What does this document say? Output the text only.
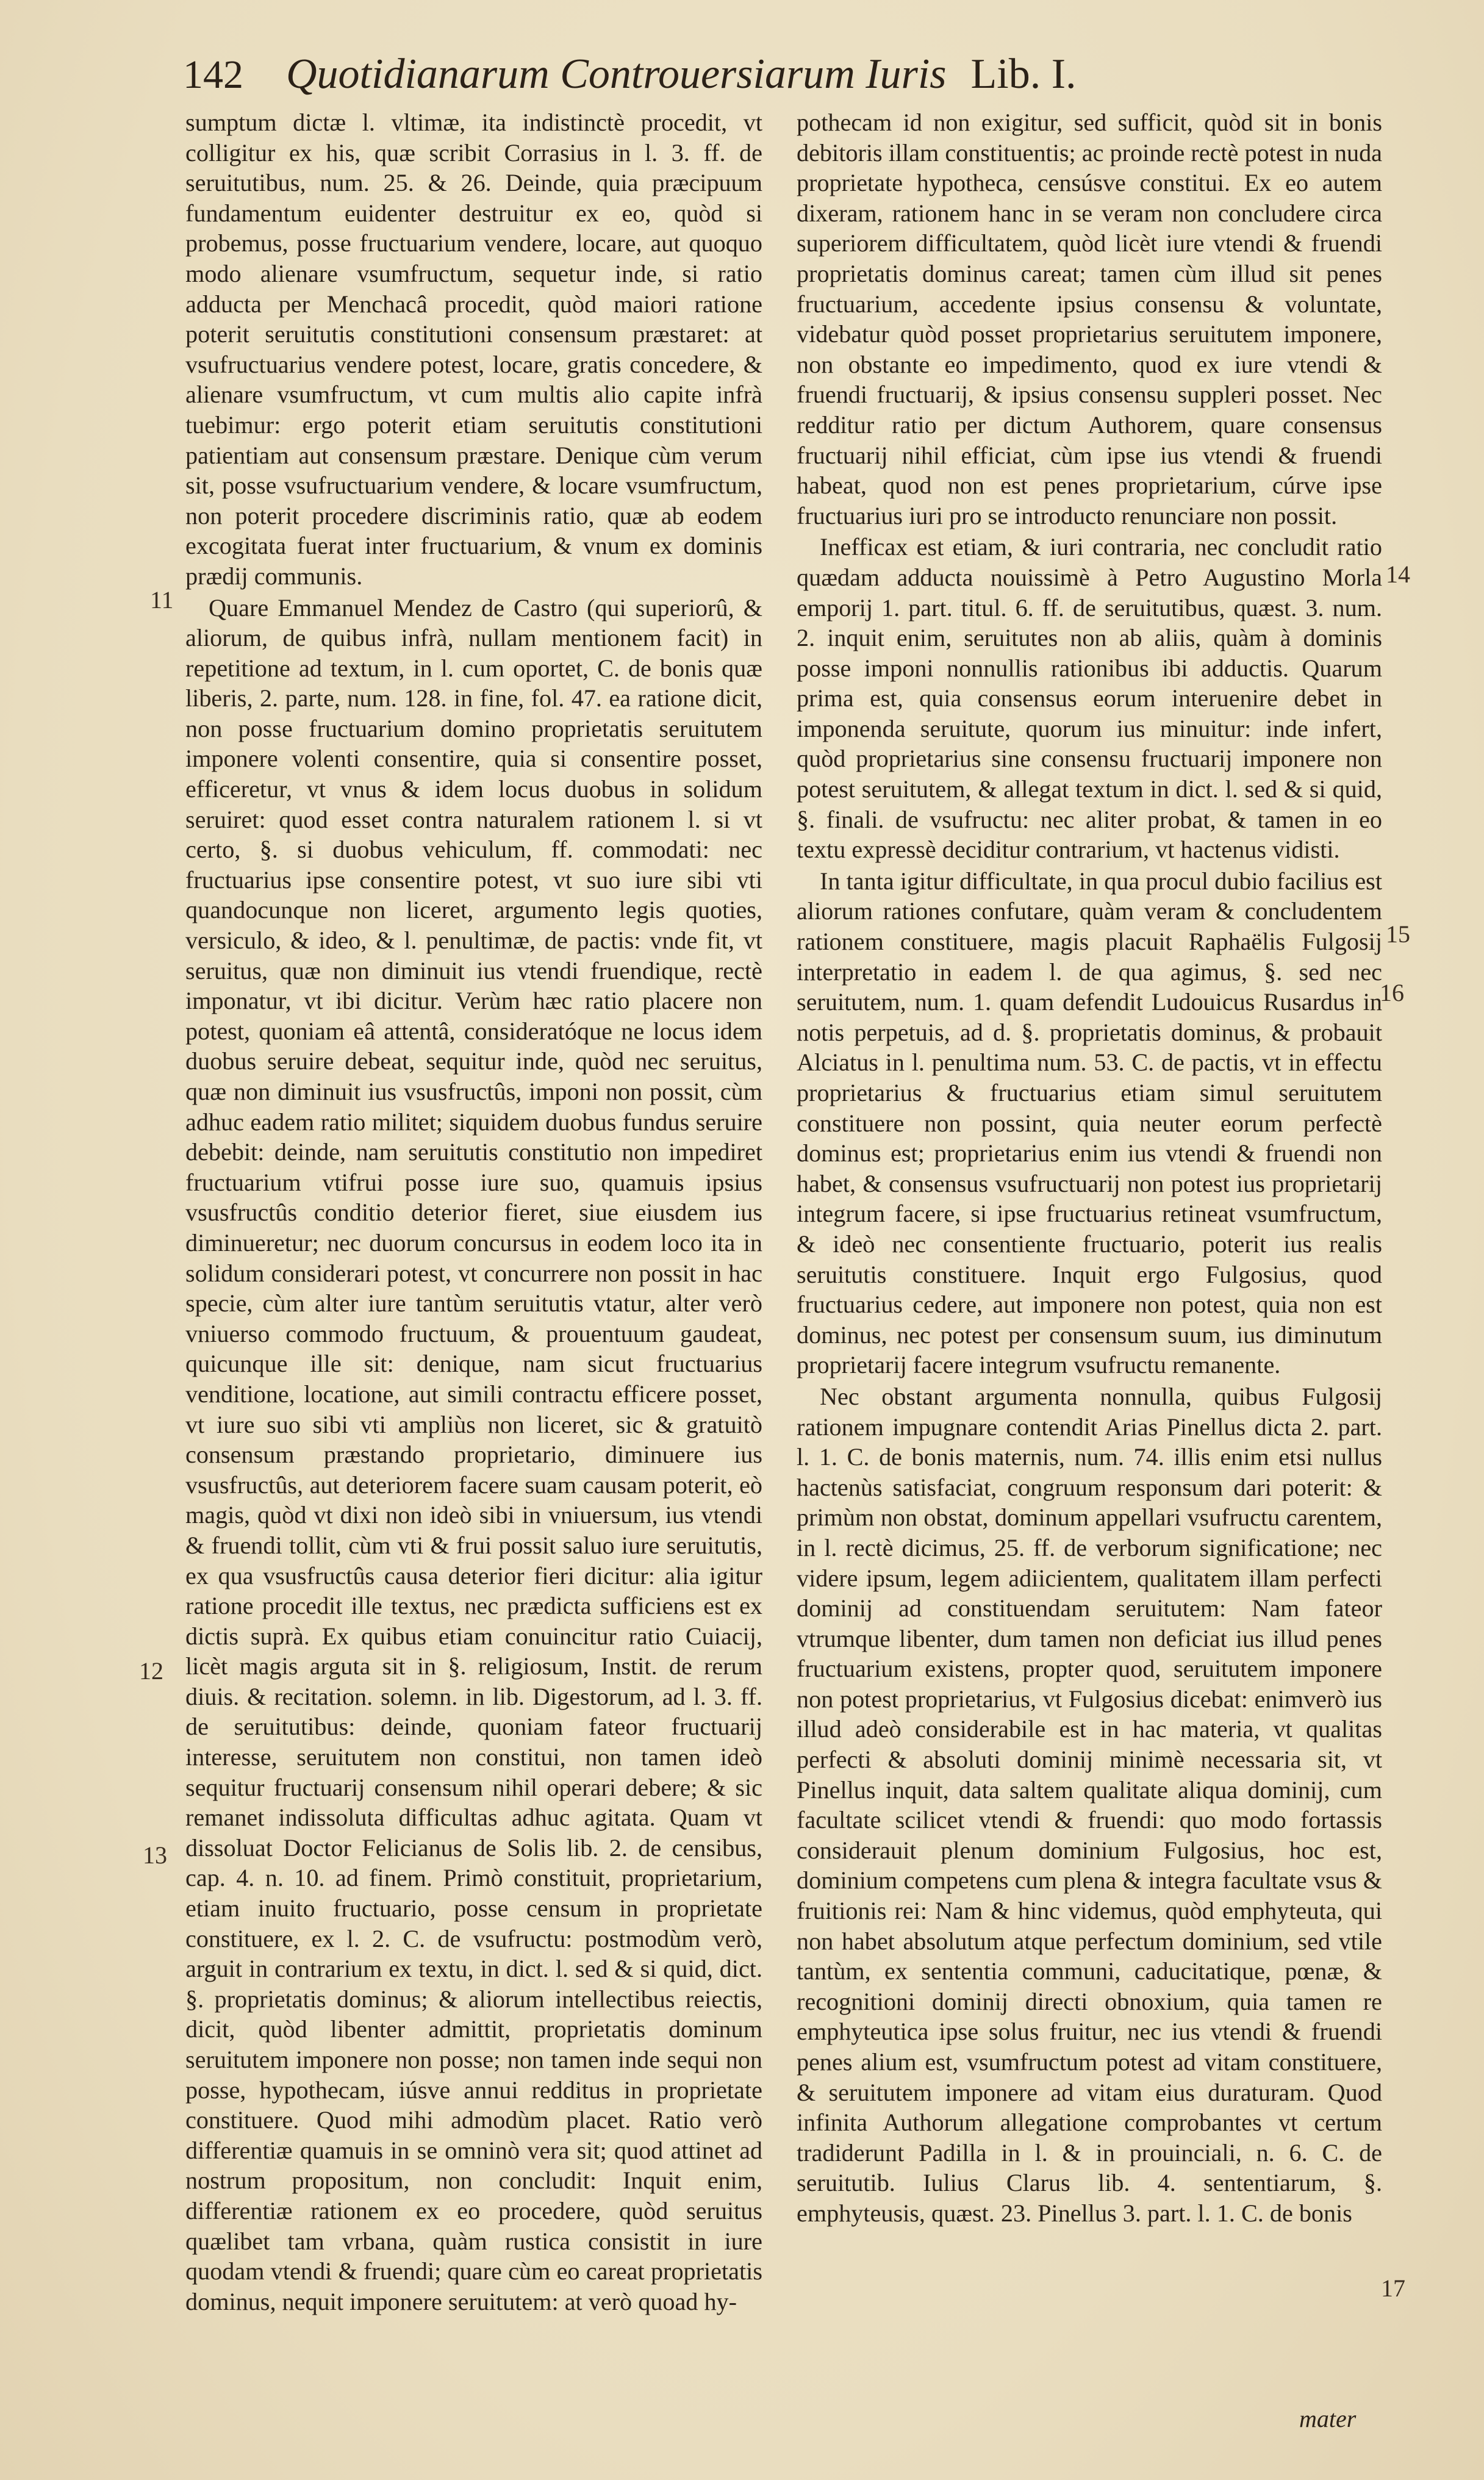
142 Quotidianarum Controuersiarum Iuris Lib. I.

sumptum dictæ l. vltimæ, ita indistinctè procedit, vt colligitur ex his, quæ scribit Corrasius in l. 3. ff. de seruitutibus, num. 25. & 26. Deinde, quia præcipuum fundamentum euidenter destruitur ex eo, quòd si probemus, posse fructuarium vendere, locare, aut quoquo modo alienare vsumfructum, sequetur inde, si ratio adducta per Menchacâ procedit, quòd maiori ratione poterit seruitutis constitutioni consensum præstaret: at vsufructuarius vendere potest, locare, gratis concedere, & alienare vsumfructum, vt cum multis alio capite infrà tuebimur: ergo poterit etiam seruitutis constitutioni patientiam aut consensum præstare. Denique cùm verum sit, posse vsufructuarium vendere, & locare vsumfructum, non poterit procedere discriminis ratio, quæ ab eodem excogitata fuerat inter fructuarium, & vnum ex dominis prædij communis.

Quare Emmanuel Mendez de Castro (qui superiorû, & aliorum, de quibus infrà, nullam mentionem facit) in repetitione ad textum, in l. cum oportet, C. de bonis quæ liberis, 2. parte, num. 128. in fine, fol. 47. ea ratione dicit, non posse fructuarium domino proprietatis seruitutem imponere volenti consentire, quia si consentire posset, efficeretur, vt vnus & idem locus duobus in solidum seruiret: quod esset contra naturalem rationem l. si vt certo, §. si duobus vehiculum, ff. commodati: nec fructuarius ipse consentire potest, vt suo iure sibi vti quandocunque non liceret, argumento legis quoties, versiculo, & ideo, & l. penultimæ, de pactis: vnde fit, vt seruitus, quæ non diminuit ius vtendi fruendique, rectè imponatur, vt ibi dicitur. Verùm hæc ratio placere non potest, quoniam eâ attentâ, consideratóque ne locus idem duobus seruire debeat, sequitur inde, quòd nec seruitus, quæ non diminuit ius vsusfructûs, imponi non possit, cùm adhuc eadem ratio militet; siquidem duobus fundus seruire debebit: deinde, nam seruitutis constitutio non impediret fructuarium vtifrui posse iure suo, quamuis ipsius vsusfructûs conditio deterior fieret, siue eiusdem ius diminueretur; nec duorum concursus in eodem loco ita in solidum considerari potest, vt concurrere non possit in hac specie, cùm alter iure tantùm seruitutis vtatur, alter verò vniuerso commodo fructuum, & prouentuum gaudeat, quicunque ille sit: denique, nam sicut fructuarius venditione, locatione, aut simili contractu efficere posset, vt iure suo sibi vti ampliùs non liceret, sic & gratuitò consensum præstando proprietario, diminuere ius vsusfructûs, aut deteriorem facere suam causam poterit, eò magis, quòd vt dixi non ideò sibi in vniuersum, ius vtendi & fruendi tollit, cùm vti & frui possit saluo iure seruitutis, ex qua vsusfructûs causa deterior fieri dicitur: alia igitur ratione procedit ille textus, nec prædicta sufficiens est ex dictis suprà. Ex quibus etiam conuincitur ratio Cuiacij, licèt magis arguta sit in §. religiosum, Instit. de rerum diuis. & recitation. solemn. in lib. Digestorum, ad l. 3. ff. de seruitutibus: deinde, quoniam fateor fructuarij interesse, seruitutem non constitui, non tamen ideò sequitur fructuarij consensum nihil operari debere; & sic remanet indissoluta difficultas adhuc agitata. Quam vt dissoluat Doctor Felicianus de Solis lib. 2. de censibus, cap. 4. n. 10. ad finem. Primò constituit, proprietarium, etiam inuito fructuario, posse censum in proprietate constituere, ex l. 2. C. de vsufructu: postmodùm verò, arguit in contrarium ex textu, in dict. l. sed & si quid, dict. §. proprietatis dominus; & aliorum intellectibus reiectis, dicit, quòd libenter admittit, proprietatis dominum seruitutem imponere non posse; non tamen inde sequi non posse, hypothecam, iúsve annui redditus in proprietate constituere. Quod mihi admodùm placet. Ratio verò differentiæ quamuis in se omninò vera sit; quod attinet ad nostrum propositum, non concludit: Inquit enim, differentiæ rationem ex eo procedere, quòd seruitus quælibet tam vrbana, quàm rustica consistit in iure quodam vtendi & fruendi; quare cùm eo careat proprietatis dominus, nequit imponere seruitutem: at verò quoad hy-

pothecam id non exigitur, sed sufficit, quòd sit in bonis debitoris illam constituentis; ac proinde rectè potest in nuda proprietate hypotheca, censúsve constitui. Ex eo autem dixeram, rationem hanc in se veram non concludere circa superiorem difficultatem, quòd licèt iure vtendi & fruendi proprietatis dominus careat; tamen cùm illud sit penes fructuarium, accedente ipsius consensu & voluntate, videbatur quòd posset proprietarius seruitutem imponere, non obstante eo impedimento, quod ex iure vtendi & fruendi fructuarij, & ipsius consensu suppleri posset. Nec redditur ratio per dictum Authorem, quare consensus fructuarij nihil efficiat, cùm ipse ius vtendi & fruendi habeat, quod non est penes proprietarium, cúrve ipse fructuarius iuri pro se introducto renunciare non possit.

Inefficax est etiam, & iuri contraria, nec concludit ratio quædam adducta nouissimè à Petro Augustino Morla emporij 1. part. titul. 6. ff. de seruitutibus, quæst. 3. num. 2. inquit enim, seruitutes non ab aliis, quàm à dominis posse imponi nonnullis rationibus ibi adductis. Quarum prima est, quia consensus eorum interuenire debet in imponenda seruitute, quorum ius minuitur: inde infert, quòd proprietarius sine consensu fructuarij imponere non potest seruitutem, & allegat textum in dict. l. sed & si quid, §. finali. de vsufructu: nec aliter probat, & tamen in eo textu expressè deciditur contrarium, vt hactenus vidisti.

In tanta igitur difficultate, in qua procul dubio facilius est aliorum rationes confutare, quàm veram & concludentem rationem constituere, magis placuit Raphaëlis Fulgosij interpretatio in eadem l. de qua agimus, §. sed nec seruitutem, num. 1. quam defendit Ludouicus Rusardus in notis perpetuis, ad d. §. proprietatis dominus, & probauit Alciatus in l. penultima num. 53. C. de pactis, vt in effectu proprietarius & fructuarius etiam simul seruitutem constituere non possint, quia neuter eorum perfectè dominus est; proprietarius enim ius vtendi & fruendi non habet, & consensus vsufructuarij non potest ius proprietarij integrum facere, si ipse fructuarius retineat vsumfructum, & ideò nec consentiente fructuario, poterit ius realis seruitutis constituere. Inquit ergo Fulgosius, quod fructuarius cedere, aut imponere non potest, quia non est dominus, nec potest per consensum suum, ius diminutum proprietarij facere integrum vsufructu remanente.

Nec obstant argumenta nonnulla, quibus Fulgosij rationem impugnare contendit Arias Pinellus dicta 2. part. l. 1. C. de bonis maternis, num. 74. illis enim etsi nullus hactenùs satisfaciat, congruum responsum dari poterit: & primùm non obstat, dominum appellari vsufructu carentem, in l. rectè dicimus, 25. ff. de verborum significatione; nec videre ipsum, legem adiicientem, qualitatem illam perfecti dominij ad constituendam seruitutem: Nam fateor vtrumque libenter, dum tamen non deficiat ius illud penes fructuarium existens, propter quod, seruitutem imponere non potest proprietarius, vt Fulgosius dicebat: enimverò ius illud adeò considerabile est in hac materia, vt qualitas perfecti & absoluti dominij minimè necessaria sit, vt Pinellus inquit, data saltem qualitate aliqua dominij, cum facultate scilicet vtendi & fruendi: quo modo fortassis considerauit plenum dominium Fulgosius, hoc est, dominium competens cum plena & integra facultate vsus & fruitionis rei: Nam & hinc videmus, quòd emphyteuta, qui non habet absolutum atque perfectum dominium, sed vtile tantùm, ex sententia communi, caducitatique, pœnæ, & recognitioni dominij directi obnoxium, quia tamen re emphyteutica ipse solus fruitur, nec ius vtendi & fruendi penes alium est, vsumfructum potest ad vitam constituere, & seruitutem imponere ad vitam eius duraturam. Quod infinita Authorum allegatione comprobantes vt certum tradiderunt Padilla in l. & in prouinciali, n. 6. C. de seruitutib. Iulius Clarus lib. 4. sententiarum, §. emphyteusis, quæst. 23. Pinellus 3. part. l. 1. C. de bonis

11
12
13
14
15
16
17
mater
